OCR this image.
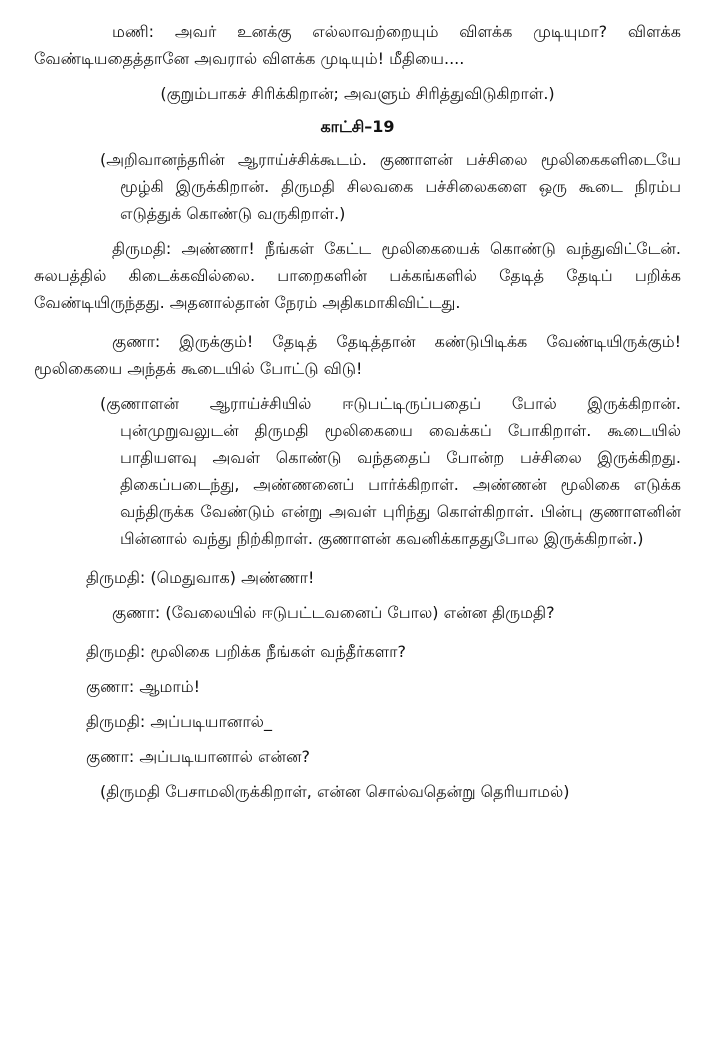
மணி: அவர் உனக்கு எல்லாவற்றையும் விளக்க முடியுமா? விளக்க வேண்டியதைத்தானே அவரால் விளக்க முடியும்! மீதியை....
(குறும்பாகச் சிரிக்கிறான்; அவளும் சிரித்துவிடுகிறாள்.)
காட்சி–19
(அறிவானந்தரின் ஆராய்ச்சிக்கூடம். குணாளன் பச்சிலை மூலிகைகளிடையே மூழ்கி இருக்கிறான். திருமதி சிலவகை பச்சிலைகளை ஒரு கூடை நிரம்ப எடுத்துக் கொண்டு வருகிறாள்.)
திருமதி: அண்ணா! நீங்கள் கேட்ட மூலிகையைக் கொண்டு வந்துவிட்டேன். சுலபத்தில் கிடைக்கவில்லை. பாறைகளின் பக்கங்களில் தேடித் தேடிப் பறிக்க வேண்டியிருந்தது. அதனால்தான் நேரம் அதிகமாகிவிட்டது.
குணா: இருக்கும்! தேடித் தேடித்தான் கண்டுபிடிக்க வேண்டியிருக்கும்! மூலிகையை அந்தக் கூடையில் போட்டு விடு!
(குணாளன் ஆராய்ச்சியில் ஈடுபட்டிருப்பதைப் போல் இருக்கிறான். புன்முறுவலுடன் திருமதி மூலிகையை வைக்கப் போகிறாள். கூடையில் பாதியளவு அவள் கொண்டு வந்ததைப் போன்ற பச்சிலை இருக்கிறது. திகைப்படைந்து, அண்ணனைப் பார்க்கிறாள். அண்ணன் மூலிகை எடுக்க வந்திருக்க வேண்டும் என்று அவள் புரிந்து கொள்கிறாள். பின்பு குணாளனின் பின்னால் வந்து நிற்கிறாள். குணாளன் கவனிக்காததுபோல இருக்கிறான்.)
திருமதி: (மெதுவாக) அண்ணா!
குணா: (வேலையில் ஈடுபட்டவனைப் போல) என்ன திருமதி?
திருமதி: மூலிகை பறிக்க நீங்கள் வந்தீர்களா?
குணா: ஆமாம்!
திருமதி: அப்படியானால்_
குணா: அப்படியானால் என்ன?
(திருமதி பேசாமலிருக்கிறாள், என்ன சொல்வதென்று தெரியாமல்)
